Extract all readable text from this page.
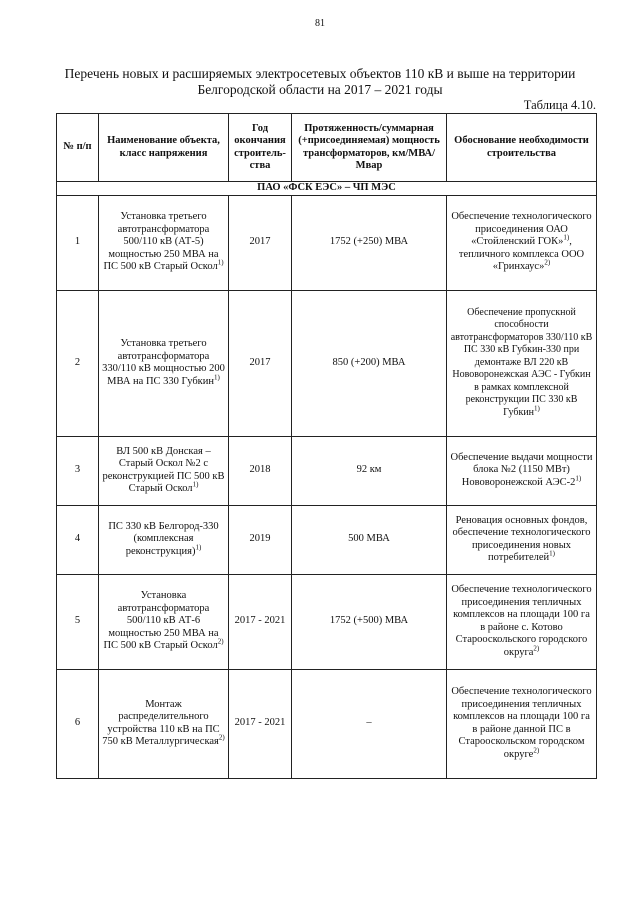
81
Перечень новых и расширяемых электросетевых объектов 110 кВ и выше на территории
Белгородской области на 2017 – 2021 годы
Таблица 4.10.
№ п/п	Наименование объекта, класс напряжения	Год окончания строитель-ства	Протяженность/суммарная (+присоединяемая) мощность трансформаторов, км/МВА/Мвар	Обоснование необходимости строительства
ПАО «ФСК ЕЭС» – ЧП МЭС				
1	Установка третьего автотрансформатора 500/110 кВ (АТ-5) мощностью 250 МВА на ПС 500 кВ Старый Оскол$^{1)}$	2017	1752 (+250) МВА	Обеспечение технологического присоединения ОАО «Стойленский ГОК»$^{1)}$, тепличного комплекса ООО «Гринхаус»$^{2)}$
2	Установка третьего автотрансформатора 330/110 кВ мощностью 200 МВА на ПС 330 Губкин$^{1)}$	2017	850 (+200) МВА	Обеспечение пропускной способности автотрансформаторов 330/110 кВ ПС 330 кВ Губкин-330 при демонтаже ВЛ 220 кВ Нововоронежская АЭС - Губкин в рамках комплексной реконструкции ПС 330 кВ Губкин$^{1)}$
3	ВЛ 500 кВ Донская – Старый Оскол №2 с реконструкцией ПС 500 кВ Старый Оскол$^{1)}$	2018	92 км	Обеспечение выдачи мощности блока №2 (1150 МВт) Нововоронежской АЭС-2$^{1)}$
4	ПС 330 кВ Белгород-330 (комплексная реконструкция)$^{1)}$	2019	500 МВА	Реновация основных фондов, обеспечение технологического присоединения новых потребителей$^{1)}$
5	Установка автотрансформатора 500/110 кВ АТ-6 мощностью 250 МВА на ПС 500 кВ Старый Оскол$^{2)}$	2017 - 2021	1752 (+500) МВА	Обеспечение технологического присоединения тепличных комплексов на площади 100 га в районе с. Котово Старооскольского городского округа$^{2)}$
6	Монтаж распределительного устройства 110 кВ на ПС 750 кВ Металлургическая$^{2)}$	2017 - 2021	–	Обеспечение технологического присоединения тепличных комплексов на площади 100 га в районе данной ПС в Старооскольском городском округе$^{2)}$
